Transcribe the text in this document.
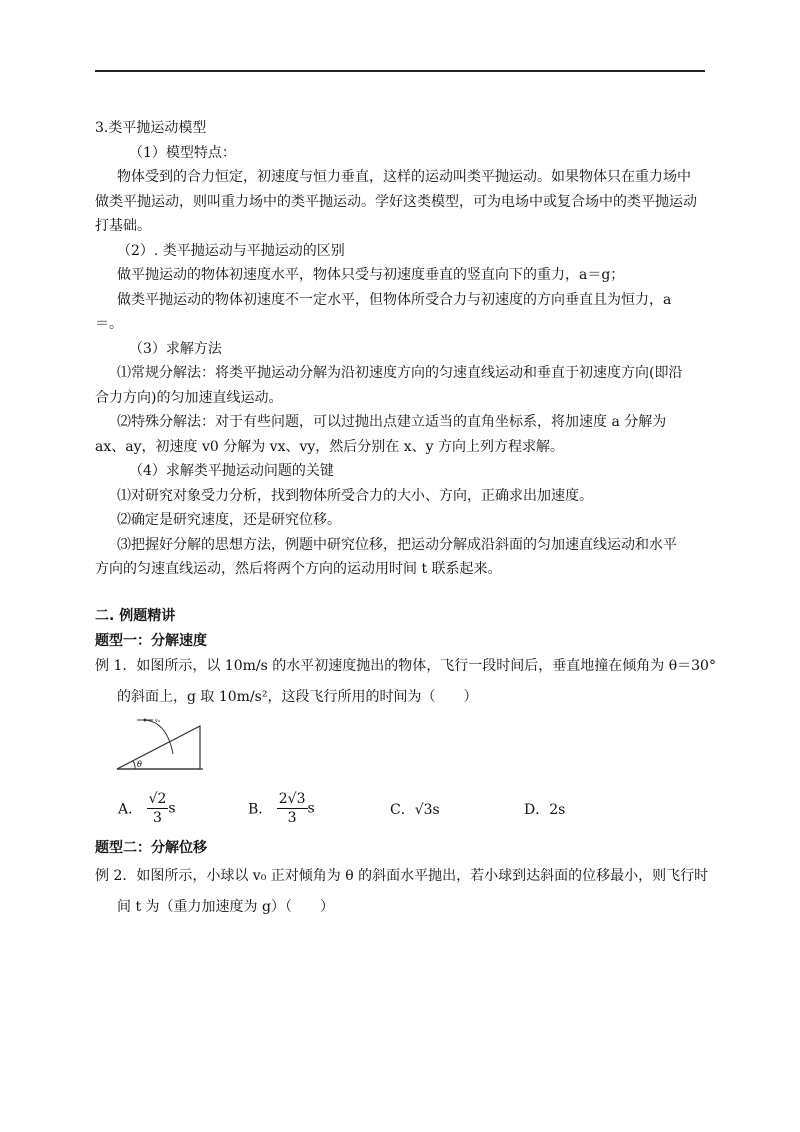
3.类平抛运动模型
（1）模型特点：
物体受到的合力恒定，初速度与恒力垂直，这样的运动叫类平抛运动。如果物体只在重力场中
做类平抛运动，则叫重力场中的类平抛运动。学好这类模型，可为电场中或复合场中的类平抛运动
打基础。
（2）. 类平抛运动与平抛运动的区别
做平抛运动的物体初速度水平，物体只受与初速度垂直的竖直向下的重力，a＝g；
做类平抛运动的物体初速度不一定水平，但物体所受合力与初速度的方向垂直且为恒力，a
＝。
（3）求解方法
⑴常规分解法：将类平抛运动分解为沿初速度方向的匀速直线运动和垂直于初速度方向(即沿
合力方向)的匀加速直线运动。
⑵特殊分解法：对于有些问题，可以过抛出点建立适当的直角坐标系，将加速度 a 分解为
ax、ay，初速度 v0 分解为 vx、vy，然后分别在 x、y 方向上列方程求解。
（4）求解类平抛运动问题的关键
⑴对研究对象受力分析，找到物体所受合力的大小、方向，正确求出加速度。
⑵确定是研究速度，还是研究位移。
⑶把握好分解的思想方法，例题中研究位移，把运动分解成沿斜面的匀加速直线运动和水平
方向的匀速直线运动，然后将两个方向的运动用时间 t 联系起来。
二. 例题精讲
题型一：分解速度
例 1．如图所示，以 10m/s 的水平初速度抛出的物体，飞行一段时间后，垂直地撞在倾角为 θ＝30°
的斜面上，g 取 10m/s²，这段飞行所用的时间为（　　）
v₀
θ
A． $\frac{√2}{3}$ s	B． $\frac{2√3}{3}$ s	C．√3s	D．2s
题型二：分解位移
例 2．如图所示，小球以 v₀ 正对倾角为 θ 的斜面水平抛出，若小球到达斜面的位移最小，则飞行时
间 t 为（重力加速度为 g）（　　）
